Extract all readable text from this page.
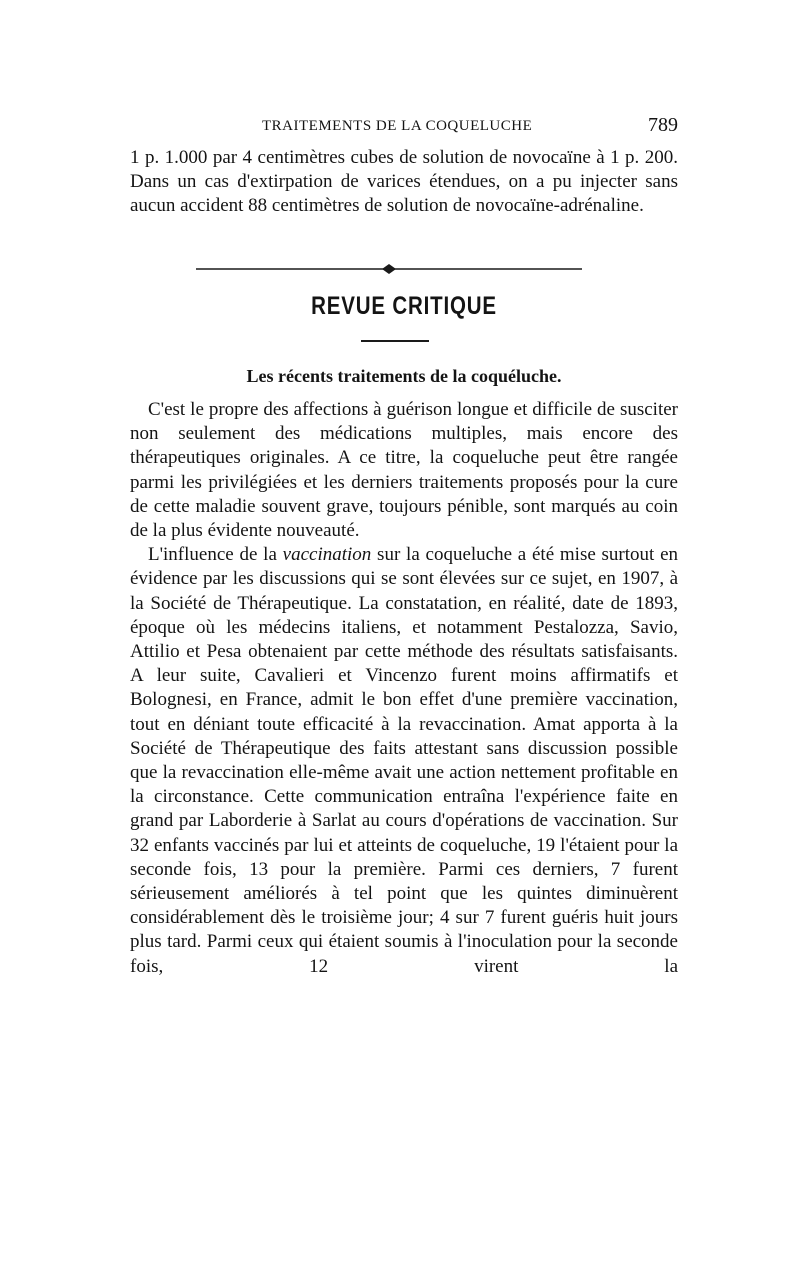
TRAITEMENTS DE LA COQUELUCHE	789

1 p. 1.000 par 4 centimètres cubes de solution de novocaïne à 1 p. 200. Dans un cas d'extirpation de varices étendues, on a pu injecter sans aucun accident 88 centimètres de solution de novocaïne-adrénaline.

REVUE CRITIQUE
Les récents traitements de la coquéluche.

C'est le propre des affections à guérison longue et difficile de susciter non seulement des médications multiples, mais encore des thérapeutiques originales. A ce titre, la coqueluche peut être rangée parmi les privilégiées et les derniers traitements proposés pour la cure de cette maladie souvent grave, toujours pénible, sont marqués au coin de la plus évidente nouveauté.

L'influence de la vaccination sur la coqueluche a été mise surtout en évidence par les discussions qui se sont élevées sur ce sujet, en 1907, à la Société de Thérapeutique. La constatation, en réalité, date de 1893, époque où les médecins italiens, et notamment Pestalozza, Savio, Attilio et Pesa obtenaient par cette méthode des résultats satisfaisants. A leur suite, Cavalieri et Vincenzo furent moins affirmatifs et Bolognesi, en France, admit le bon effet d'une première vaccination, tout en déniant toute efficacité à la revaccination. Amat apporta à la Société de Thérapeutique des faits attestant sans discussion possible que la revaccination elle-même avait une action nettement profitable en la circonstance. Cette communication entraîna l'expérience faite en grand par Laborderie à Sarlat au cours d'opérations de vaccination. Sur 32 enfants vaccinés par lui et atteints de coqueluche, 19 l'étaient pour la seconde fois, 13 pour la première. Parmi ces derniers, 7 furent sérieusement améliorés à tel point que les quintes diminuèrent considérablement dès le troisième jour; 4 sur 7 furent guéris huit jours plus tard. Parmi ceux qui étaient soumis à l'inoculation pour la seconde fois, 12 virent la
